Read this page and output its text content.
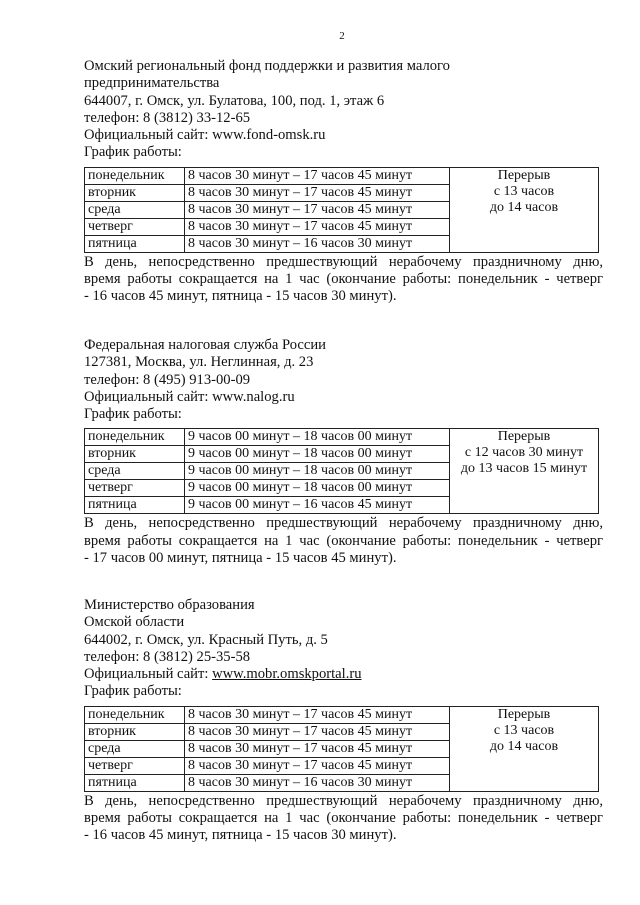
2
Омский региональный фонд поддержки и развития малого
предпринимательства
644007, г. Омск, ул. Булатова, 100, под. 1, этаж 6
телефон: 8 (3812) 33-12-65
Официальный сайт: www.fond-omsk.ru
График работы:
понедельник	8 часов 30 минут – 17 часов 45 минут	Перерыв
с 13 часов
до 14 часов

вторник	8 часов 30 минут – 17 часов 45 минут	
среда	8 часов 30 минут – 17 часов 45 минут	
четверг	8 часов 30 минут – 17 часов 45 минут	
пятница	8 часов 30 минут – 16 часов 30 минут	
В день, непосредственно предшествующий нерабочему праздничному дню,
время работы сокращается на 1 час (окончание работы: понедельник - четверг
- 16 часов 45 минут, пятница - 15 часов 30 минут).
Федеральная налоговая служба России
127381, Москва, ул. Неглинная, д. 23
телефон: 8 (495) 913-00-09
Официальный сайт: www.nalog.ru
График работы:
понедельник	9 часов 00 минут – 18 часов 00 минут	Перерыв
с 12 часов 30 минут
до 13 часов 15 минут

вторник	9 часов 00 минут – 18 часов 00 минут	
среда	9 часов 00 минут – 18 часов 00 минут	
четверг	9 часов 00 минут – 18 часов 00 минут	
пятница	9 часов 00 минут – 16 часов 45 минут	
В день, непосредственно предшествующий нерабочему праздничному дню,
время работы сокращается на 1 час (окончание работы: понедельник - четверг
- 17 часов 00 минут, пятница - 15 часов 45 минут).
Министерство образования
Омской области
644002, г. Омск, ул. Красный Путь, д. 5
телефон: 8 (3812) 25-35-58
Официальный сайт: www.mobr.omskportal.ru
График работы:
понедельник	8 часов 30 минут – 17 часов 45 минут	Перерыв
с 13 часов
до 14 часов

вторник	8 часов 30 минут – 17 часов 45 минут	
среда	8 часов 30 минут – 17 часов 45 минут	
четверг	8 часов 30 минут – 17 часов 45 минут	
пятница	8 часов 30 минут – 16 часов 30 минут	
В день, непосредственно предшествующий нерабочему праздничному дню,
время работы сокращается на 1 час (окончание работы: понедельник - четверг
- 16 часов 45 минут, пятница - 15 часов 30 минут).
